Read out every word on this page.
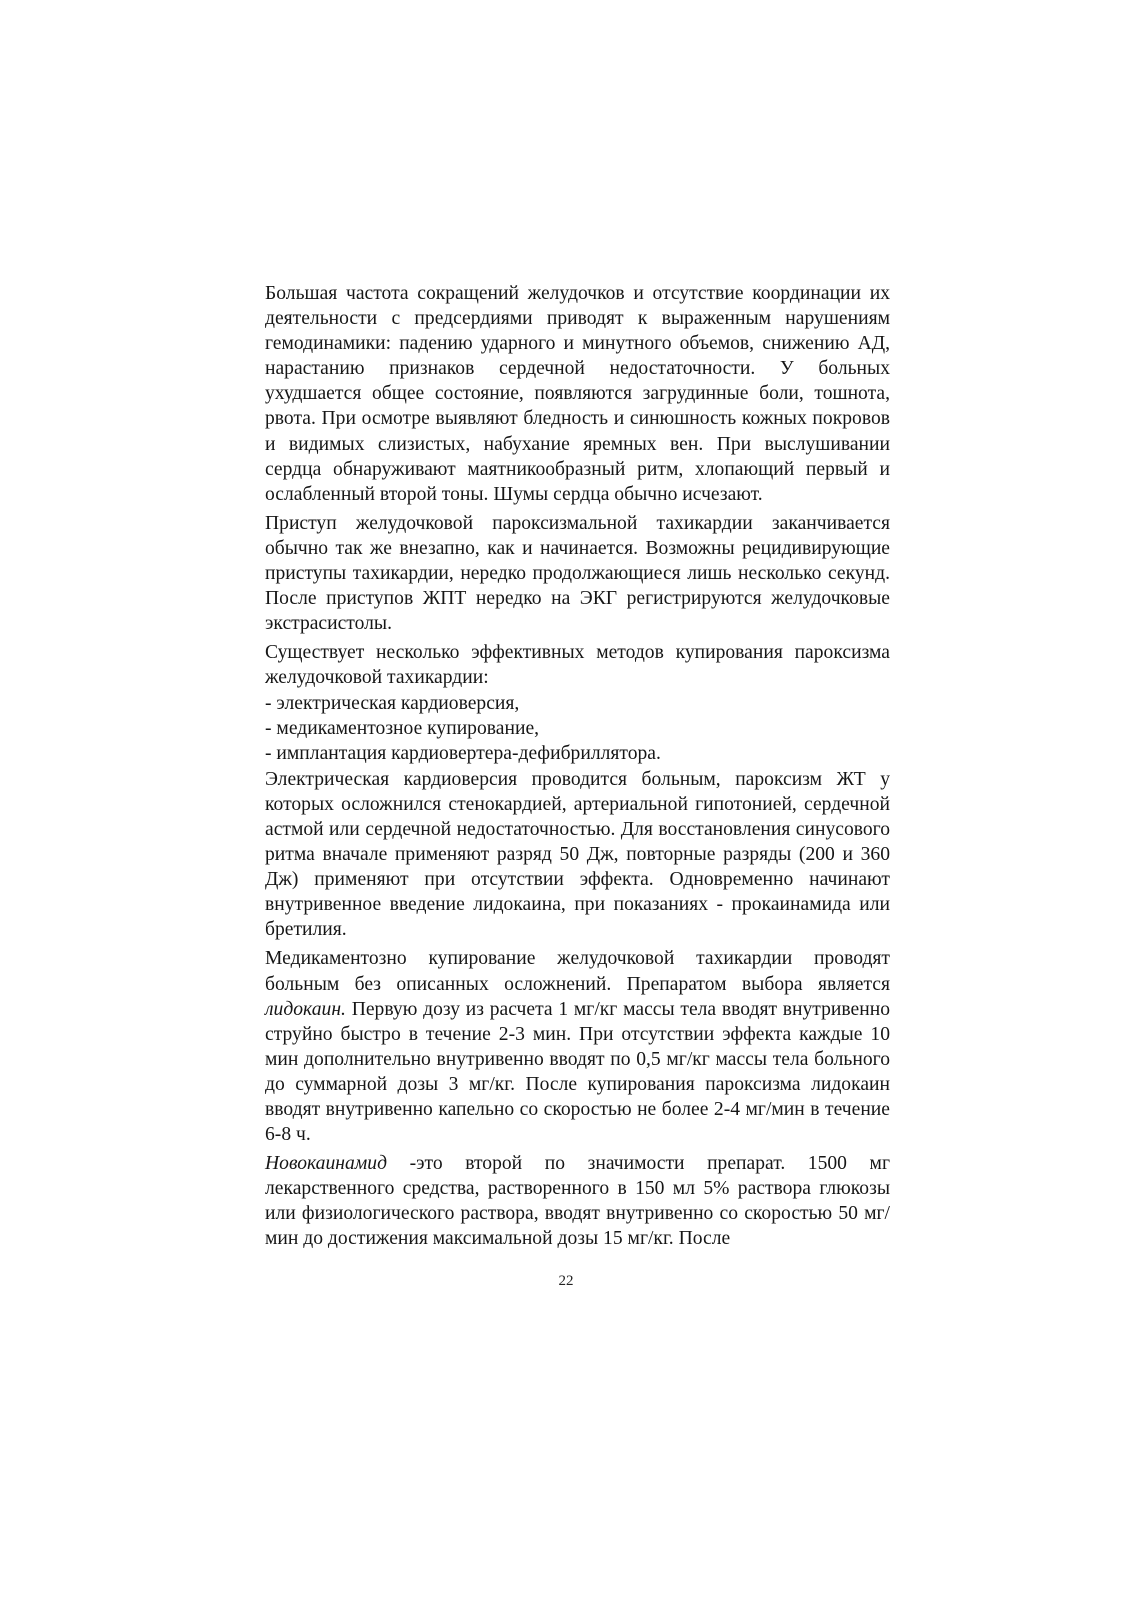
Большая частота сокращений желудочков и отсутствие координации их деятельности с предсердиями приводят к выраженным нарушениям гемодинамики: падению ударного и минутного объемов, снижению АД, нарастанию признаков сердечной недостаточности. У больных ухудшается общее состояние, появляются загрудинные боли, тошнота, рвота. При осмотре выявляют бледность и синюшность кожных покровов и видимых слизистых, набухание яремных вен. При выслушивании сердца обнаруживают маятникообразный ритм, хлопающий первый и ослабленный второй тоны. Шумы сердца обычно исчезают.

Приступ желудочковой пароксизмальной тахикардии заканчивается обычно так же внезапно, как и начинается. Возможны рецидивирующие приступы тахикардии, нередко продолжающиеся лишь несколько секунд. После приступов ЖПТ нередко на ЭКГ регистрируются желудочковые экстрасистолы.

Существует несколько эффективных методов купирования пароксизма желудочковой тахикардии:

- электрическая кардиоверсия,
- медикаментозное купирование,
- имплантация кардиовертера-дефибриллятора.

Электрическая кардиоверсия проводится больным, пароксизм ЖТ у которых осложнился стенокардией, артериальной гипотонией, сердечной астмой или сердечной недостаточностью. Для восстановления синусового ритма вначале применяют разряд 50 Дж, повторные разряды (200 и 360 Дж) применяют при отсутствии эффекта. Одновременно начинают внутривенное введение лидокаина, при показаниях - прокаинамида или бретилия.

Медикаментозно купирование желудочковой тахикардии проводят больным без описанных осложнений. Препаратом выбора является лидокаин. Первую дозу из расчета 1 мг/кг массы тела вводят внутривенно струйно быстро в течение 2-3 мин. При отсутствии эффекта каждые 10 мин дополнительно внутривенно вводят по 0,5 мг/кг массы тела больного до суммарной дозы 3 мг/кг. После купирования пароксизма лидокаин вводят внутривенно капельно со скоростью не более 2-4 мг/мин в течение 6-8 ч.

Новокаинамид -это второй по значимости препарат. 1500 мг лекарственного средства, растворенного в 150 мл 5% раствора глюкозы или физиологического раствора, вводят внутривенно со скоростью 50 мг/мин до достижения максимальной дозы 15 мг/кг. После

22
